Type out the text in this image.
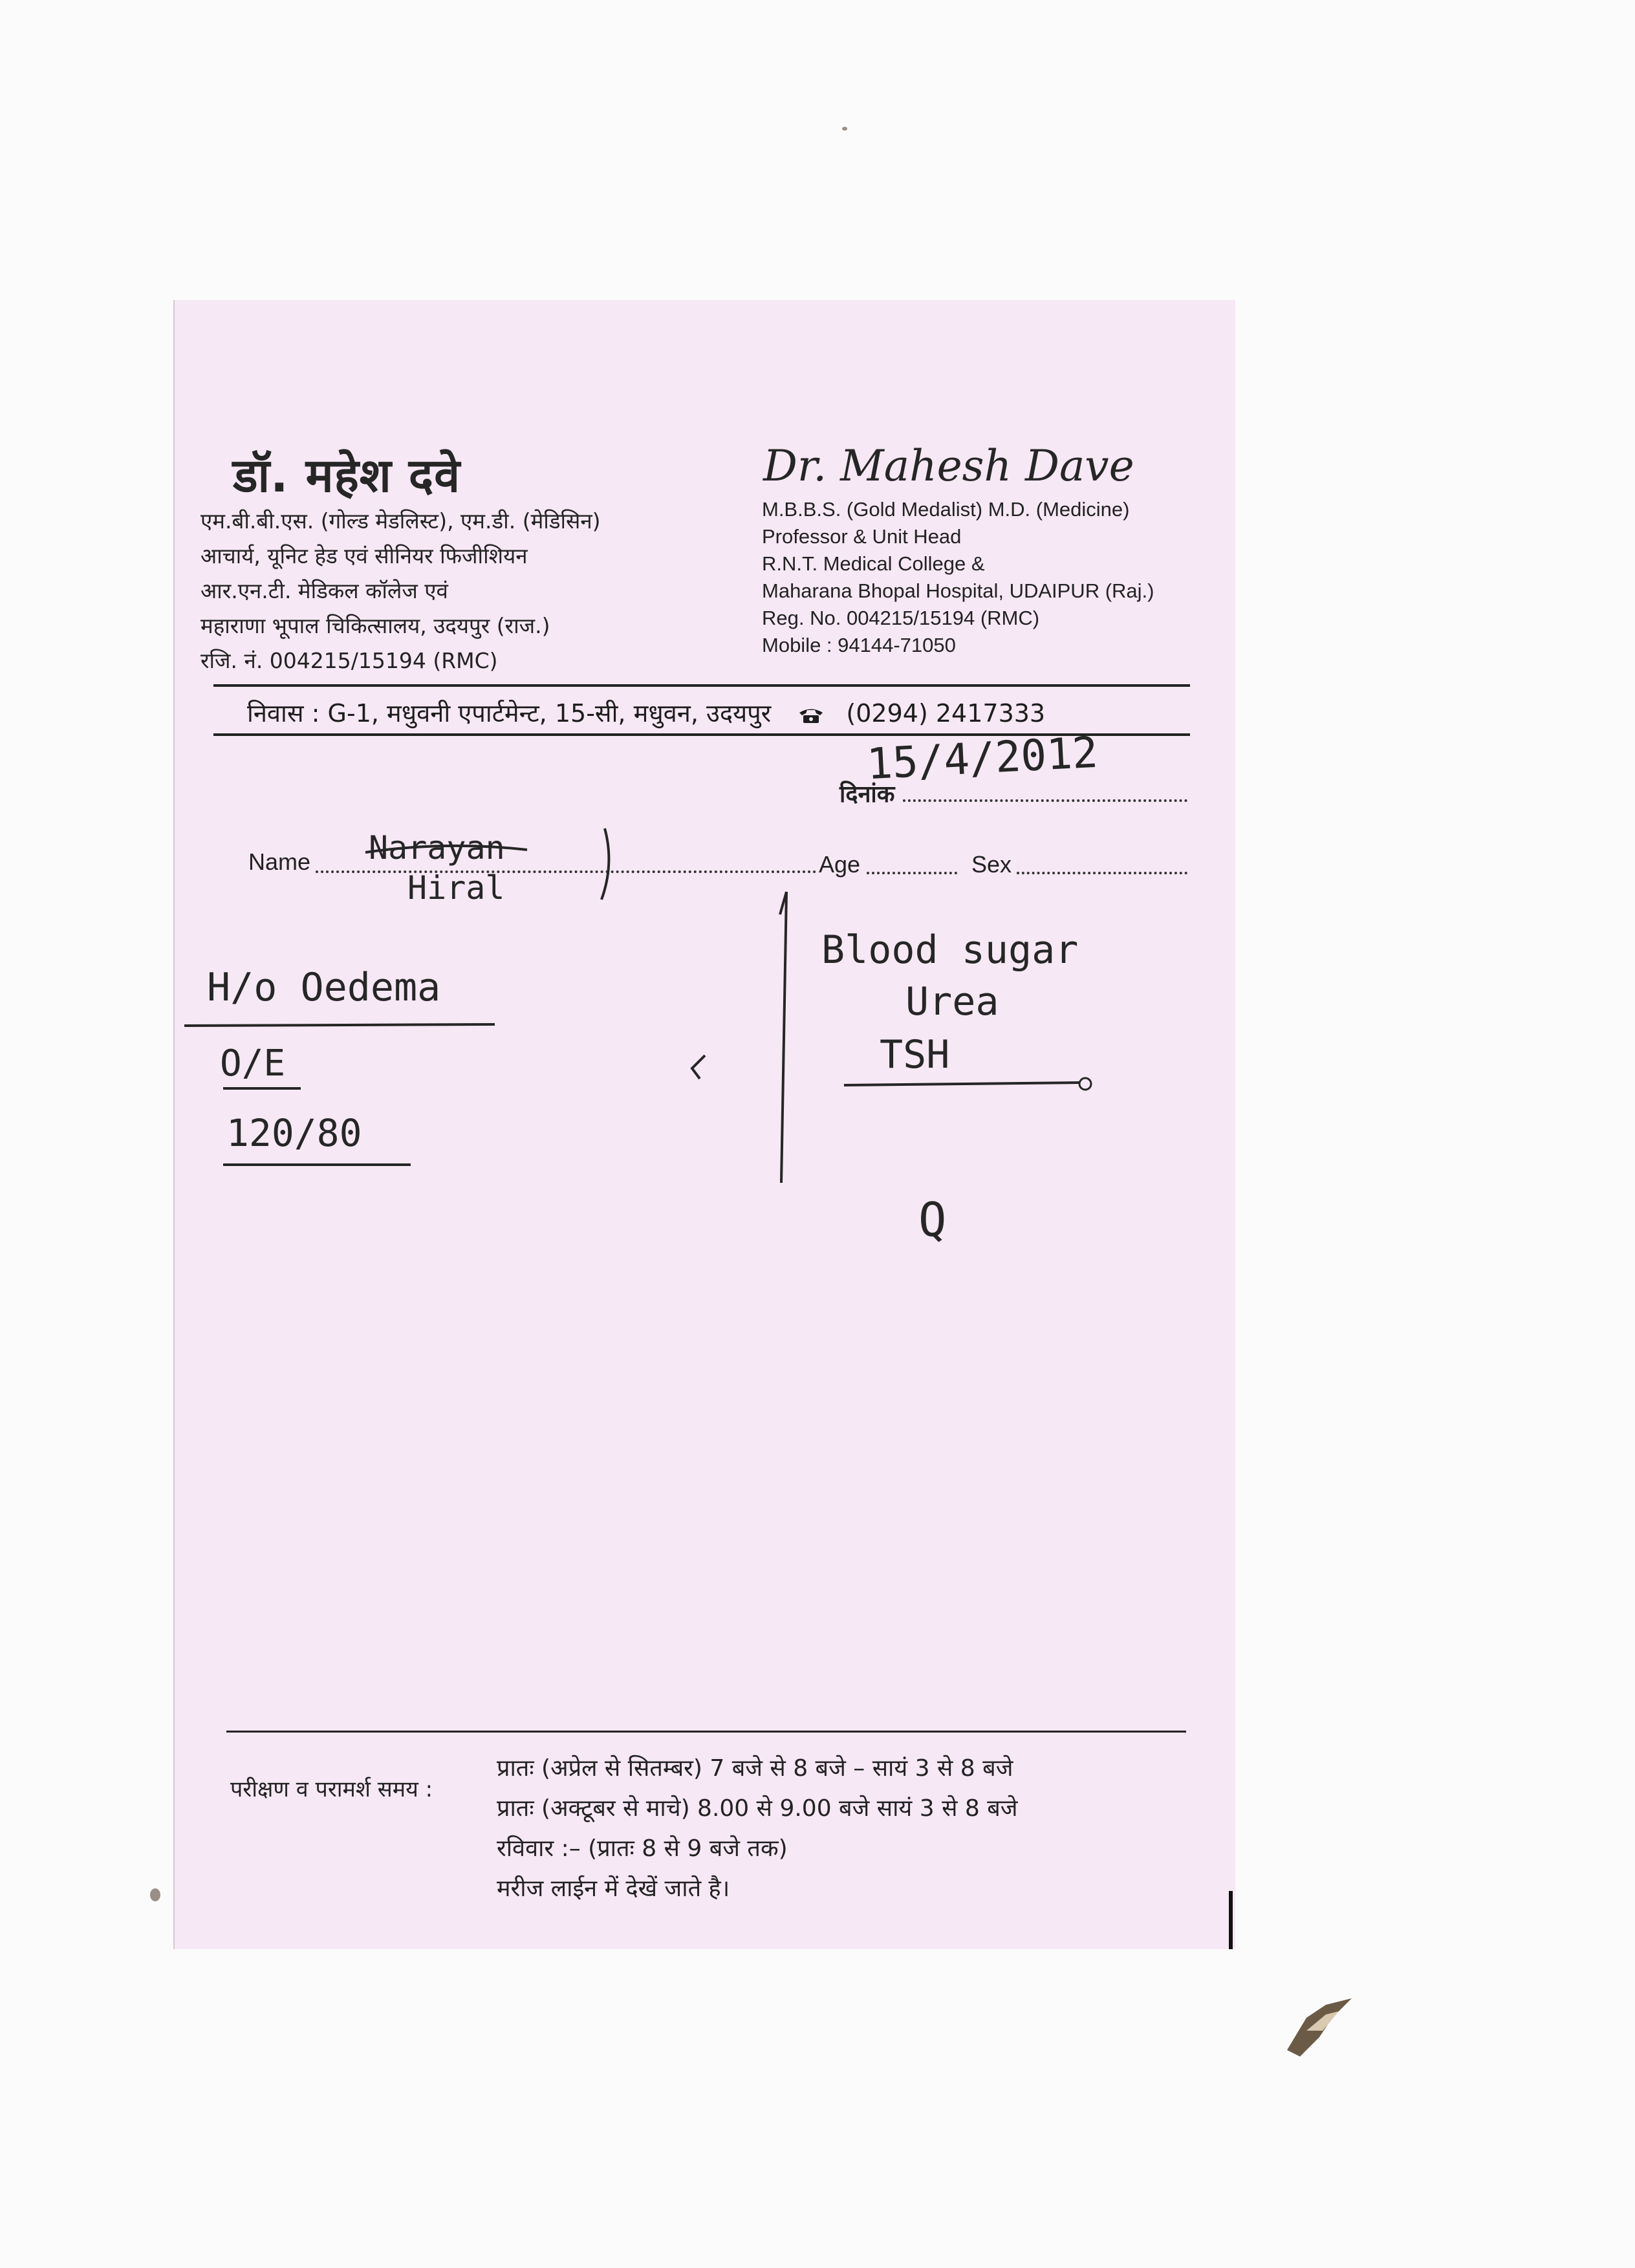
डॉ. महेश दवे
एम.बी.बी.एस. (गोल्ड मेडलिस्ट), एम.डी. (मेडिसिन)
आचार्य, यूनिट हेड एवं सीनियर फिजीशियन
आर.एन.टी. मेडिकल कॉलेज एवं
महाराणा भूपाल चिकित्सालय, उदयपुर (राज.)
रजि. नं. 004215/15194 (RMC)
Dr. Mahesh Dave
M.B.B.S. (Gold Medalist) M.D. (Medicine)
Professor & Unit Head
R.N.T. Medical College &
Maharana Bhopal Hospital, UDAIPUR (Raj.)
Reg. No. 004215/15194 (RMC)
Mobile : 94144-71050
निवास : G-1, मधुवनी एपार्टमेन्ट, 15-सी, मधुवन, उदयपुर	(0294) 2417333
दिनांक
15/4/2012
Name	Age	Sex
Narayan
Hiral
H/o Oedema
O/E
120/80
Blood sugar
Urea
TSH
Q
परीक्षण व परामर्श समय :
प्रातः (अप्रेल से सितम्बर) 7 बजे से 8 बजे – सायं 3 से 8 बजे
प्रातः (अक्टूबर से माचे) 8.00 से 9.00 बजे सायं 3 से 8 बजे
रविवार :– (प्रातः 8 से 9 बजे तक)
मरीज लाईन में देखें जाते है।
